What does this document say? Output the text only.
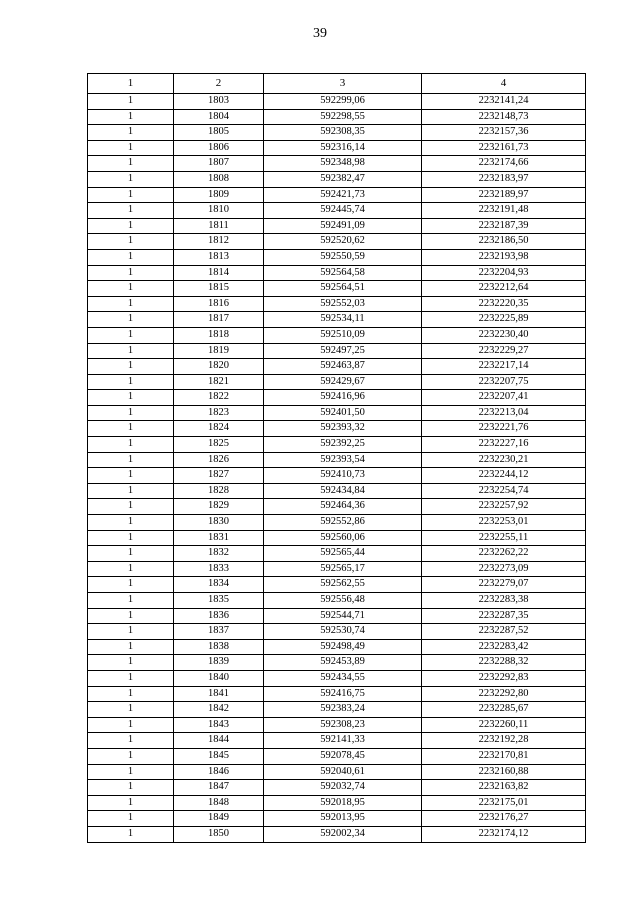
39
1	2	3	4
1	1803	592299,06	2232141,24
1	1804	592298,55	2232148,73
1	1805	592308,35	2232157,36
1	1806	592316,14	2232161,73
1	1807	592348,98	2232174,66
1	1808	592382,47	2232183,97
1	1809	592421,73	2232189,97
1	1810	592445,74	2232191,48
1	1811	592491,09	2232187,39
1	1812	592520,62	2232186,50
1	1813	592550,59	2232193,98
1	1814	592564,58	2232204,93
1	1815	592564,51	2232212,64
1	1816	592552,03	2232220,35
1	1817	592534,11	2232225,89
1	1818	592510,09	2232230,40
1	1819	592497,25	2232229,27
1	1820	592463,87	2232217,14
1	1821	592429,67	2232207,75
1	1822	592416,96	2232207,41
1	1823	592401,50	2232213,04
1	1824	592393,32	2232221,76
1	1825	592392,25	2232227,16
1	1826	592393,54	2232230,21
1	1827	592410,73	2232244,12
1	1828	592434,84	2232254,74
1	1829	592464,36	2232257,92
1	1830	592552,86	2232253,01
1	1831	592560,06	2232255,11
1	1832	592565,44	2232262,22
1	1833	592565,17	2232273,09
1	1834	592562,55	2232279,07
1	1835	592556,48	2232283,38
1	1836	592544,71	2232287,35
1	1837	592530,74	2232287,52
1	1838	592498,49	2232283,42
1	1839	592453,89	2232288,32
1	1840	592434,55	2232292,83
1	1841	592416,75	2232292,80
1	1842	592383,24	2232285,67
1	1843	592308,23	2232260,11
1	1844	592141,33	2232192,28
1	1845	592078,45	2232170,81
1	1846	592040,61	2232160,88
1	1847	592032,74	2232163,82
1	1848	592018,95	2232175,01
1	1849	592013,95	2232176,27
1	1850	592002,34	2232174,12
